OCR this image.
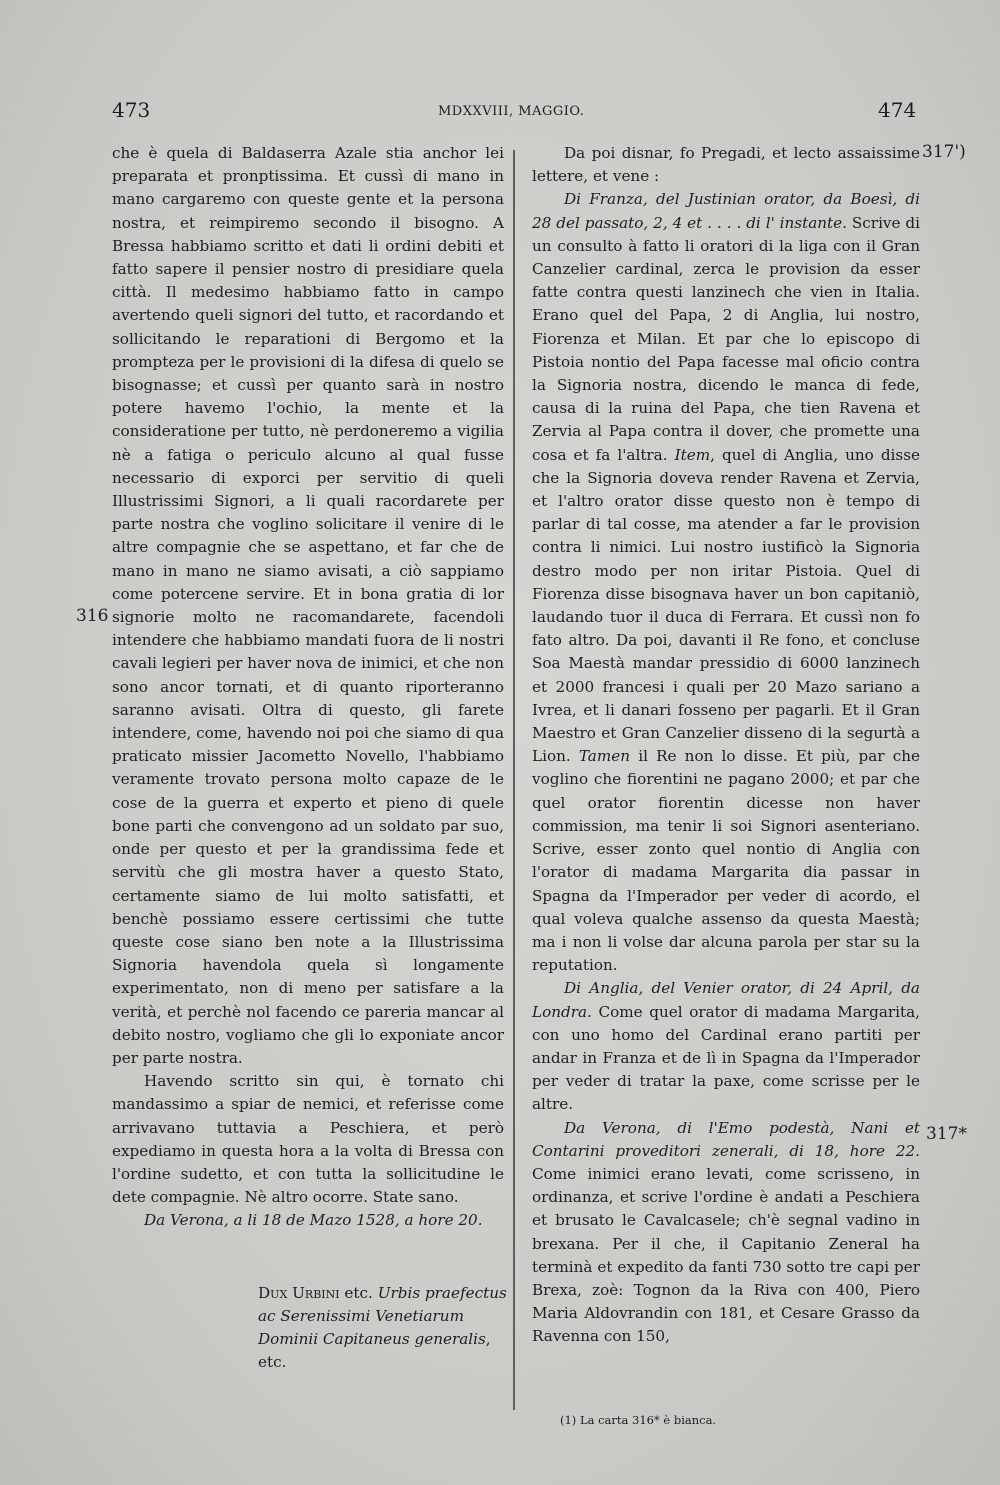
473	MDXXVIII, MAGGIO.	474
316
317')
317*

che è quela di Baldaserra Azale stia anchor lei preparata et pronptissima. Et cussì di mano in mano cargaremo con queste gente et la persona nostra, et reimpiremo secondo il bisogno. A Bressa habbiamo scritto et dati li ordini debiti et fatto sapere il pensier nostro di presidiare quela città. Il medesimo habbiamo fatto in campo avertendo queli signori del tutto, et racordando et sollicitando le reparationi di Bergomo et la prompteza per le provisioni di la difesa di quelo se bisognasse; et cussì per quanto sarà in nostro potere havemo l'ochio, la mente et la consideratione per tutto, nè perdoneremo a vigilia nè a fatiga o periculo alcuno al qual fusse necessario di exporci per servitio di queli Illustrissimi Signori, a li quali racordarete per parte nostra che voglino solicitare il venire di le altre compagnie che se aspettano, et far che de mano in mano ne siamo avisati, a ciò sappiamo come potercene servire. Et in bona gratia di lor signorie molto ne racomandarete, facendoli intendere che habbiamo mandati fuora de li nostri cavali legieri per haver nova de inimici, et che non sono ancor tornati, et di quanto riporteranno saranno avisati. Oltra di questo, gli farete intendere, come, havendo noi poi che siamo di qua praticato missier Jacometto Novello, l'habbiamo veramente trovato persona molto capaze de le cose de la guerra et experto et pieno di quele bone parti che convengono ad un soldato par suo, onde per questo et per la grandissima fede et servitù che gli mostra haver a questo Stato, certamente siamo de lui molto satisfatti, et benchè possiamo essere certissimi che tutte queste cose siano ben note a la Illustrissima Signoria havendola quela sì longamente experimentato, non di meno per satisfare a la verità, et perchè nol facendo ce pareria mancar al debito nostro, vogliamo che gli lo exponiate ancor per parte nostra.

Havendo scritto sin qui, è tornato chi mandassimo a spiar de nemici, et referisse come arrivavano tuttavia a Peschiera, et però expediamo in questa hora a la volta di Bressa con l'ordine sudetto, et con tutta la sollicitudine le dete compagnie. Nè altro ocorre. State sano.

Da Verona, a li 18 de Mazo 1528, a hore 20.

Dux Urbini etc. Urbis praefectus ac Serenissimi Venetiarum Dominii Capitaneus generalis, etc.

Da poi disnar, fo Pregadi, et lecto assaissime lettere, et vene :

Di Franza, del Justinian orator, da Boesì, di 28 del passato, 2, 4 et . . . . di l' instante. Scrive di un consulto à fatto li oratori di la liga con il Gran Canzelier cardinal, zerca le provision da esser fatte contra questi lanzinech che vien in Italia. Erano quel del Papa, 2 di Anglia, lui nostro, Fiorenza et Milan. Et par che lo episcopo di Pistoia nontio del Papa facesse mal oficio contra la Signoria nostra, dicendo le manca di fede, causa di la ruina del Papa, che tien Ravena et Zervia al Papa contra il dover, che promette una cosa et fa l'altra. Item, quel di Anglia, uno disse che la Signoria doveva render Ravena et Zervia, et l'altro orator disse questo non è tempo di parlar di tal cosse, ma atender a far le provision contra li nimici. Lui nostro iustificò la Signoria destro modo per non iritar Pistoia. Quel di Fiorenza disse bisognava haver un bon capitaniò, laudando tuor il duca di Ferrara. Et cussì non fo fato altro. Da poi, davanti il Re fono, et concluse Soa Maestà mandar pressidio di 6000 lanzinech et 2000 francesi i quali per 20 Mazo sariano a Ivrea, et li danari fosseno per pagarli. Et il Gran Maestro et Gran Canzelier disseno di la segurtà a Lion. Tamen il Re non lo disse. Et più, par che voglino che fiorentini ne pagano 2000; et par che quel orator fiorentin dicesse non haver commission, ma tenir li soi Signori asenteriano. Scrive, esser zonto quel nontio di Anglia con l'orator di madama Margarita dia passar in Spagna da l'Imperador per veder di acordo, el qual voleva qualche assenso da questa Maestà; ma i non li volse dar alcuna parola per star su la reputation.

Di Anglia, del Venier orator, di 24 April, da Londra. Come quel orator di madama Margarita, con uno homo del Cardinal erano partiti per andar in Franza et de lì in Spagna da l'Imperador per veder di tratar la paxe, come scrisse per le altre.

Da Verona, di l'Emo podestà, Nani et Contarini proveditori zenerali, di 18, hore 22. Come inimici erano levati, come scrisseno, in ordinanza, et scrive l'ordine è andati a Peschiera et brusato le Cavalcasele; ch'è segnal vadino in brexana. Per il che, il Capitanio Zeneral ha terminà et expedito da fanti 730 sotto tre capi per Brexa, zoè: Tognon da la Riva con 400, Piero Maria Aldovrandin con 181, et Cesare Grasso da Ravenna con 150,

(1) La carta 316* è bianca.
